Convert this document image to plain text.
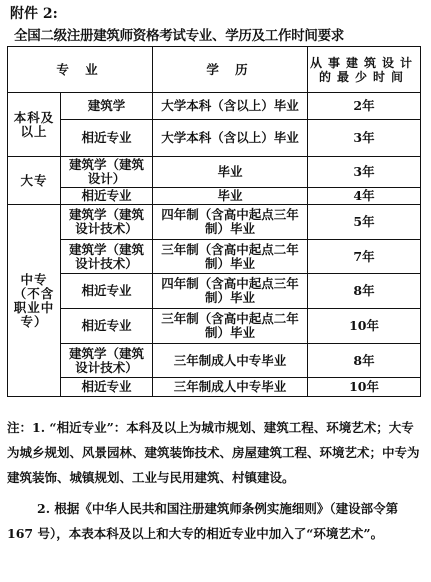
附件 2:
全国二级注册建筑师资格考试专业、学历及工作时间要求
专 业		学 历	从事建筑设计的最少时间
本科及以上	建筑学	大学本科（含以上）毕业	2年
	相近专业	大学本科（含以上）毕业	3年
大专	建筑学（建筑设计）	毕业	3年
	相近专业	毕业	4年
中专（不含职业中专）	建筑学（建筑设计技术）	四年制（含高中起点三年制）毕业	5年
	建筑学（建筑设计技术）	三年制（含高中起点二年制）毕业	7年
	相近专业	四年制（含高中起点三年制）毕业	8年
	相近专业	三年制（含高中起点二年制）毕业	10年
	建筑学（建筑设计技术）	三年制成人中专毕业	8年
	相近专业	三年制成人中专毕业	10年

注：1. “相近专业”：本科及以上为城市规划、建筑工程、环境艺术；大专为城乡规划、风景园林、建筑装饰技术、房屋建筑工程、环境艺术；中专为建筑装饰、城镇规划、工业与民用建筑、村镇建设。

2. 根据《中华人民共和国注册建筑师条例实施细则》（建设部令第 167 号），本表本科及以上和大专的相近专业中加入了“环境艺术”。
